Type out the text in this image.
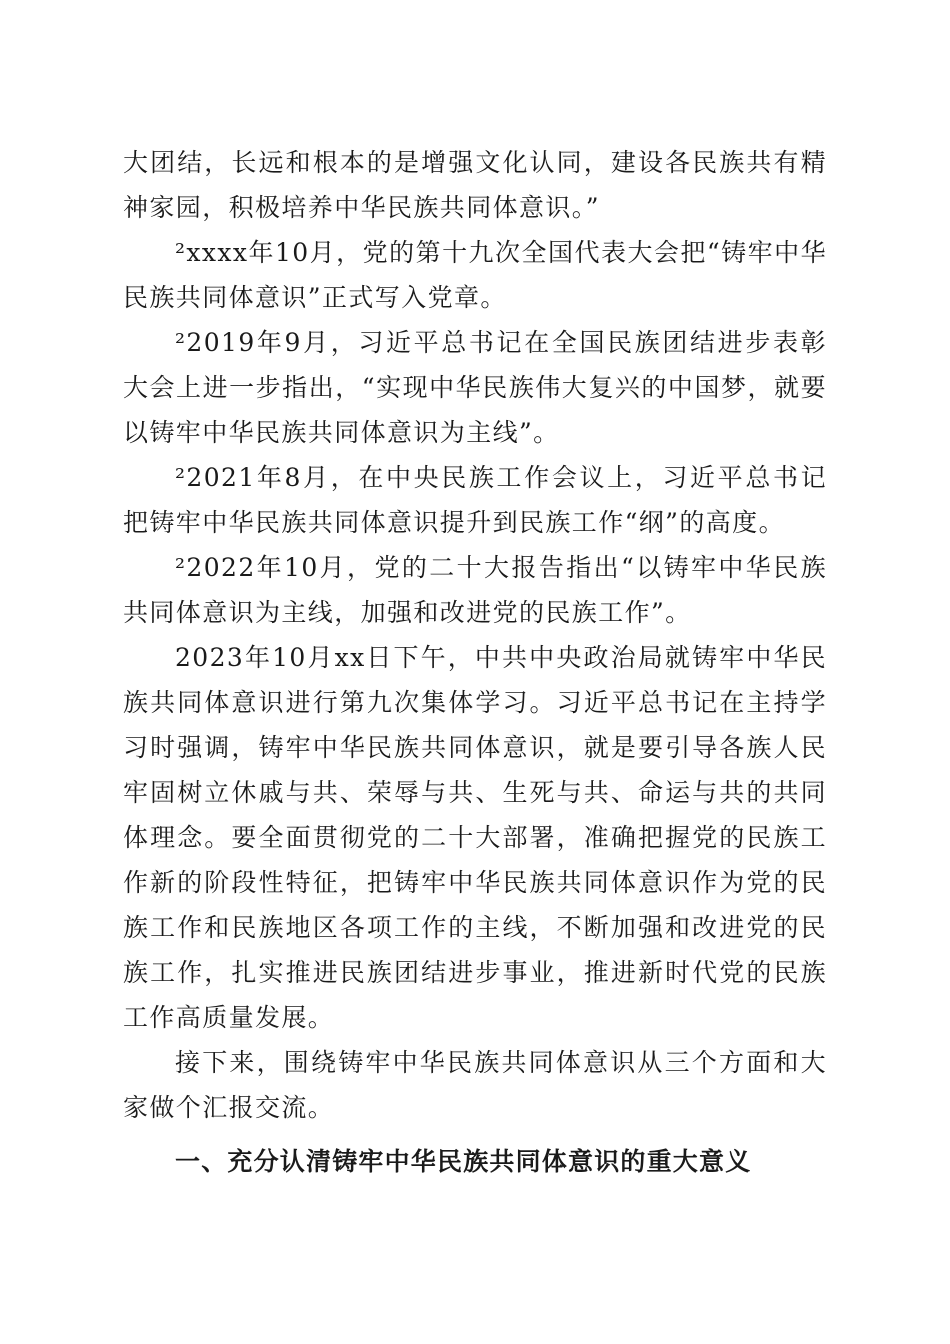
大团结，长远和根本的是增强文化认同，建设各民族共有精神家园，积极培养中华民族共同体意识。”

²xxxx年10月，党的第十九次全国代表大会把“铸牢中华民族共同体意识”正式写入党章。

²2019年9月，习近平总书记在全国民族团结进步表彰大会上进一步指出，“实现中华民族伟大复兴的中国梦，就要以铸牢中华民族共同体意识为主线”。

²2021年8月，在中央民族工作会议上，习近平总书记把铸牢中华民族共同体意识提升到民族工作“纲”的高度。

²2022年10月，党的二十大报告指出“以铸牢中华民族共同体意识为主线，加强和改进党的民族工作”。

2023年10月xx日下午，中共中央政治局就铸牢中华民族共同体意识进行第九次集体学习。习近平总书记在主持学习时强调，铸牢中华民族共同体意识，就是要引导各族人民牢固树立休戚与共、荣辱与共、生死与共、命运与共的共同体理念。要全面贯彻党的二十大部署，准确把握党的民族工作新的阶段性特征，把铸牢中华民族共同体意识作为党的民族工作和民族地区各项工作的主线，不断加强和改进党的民族工作，扎实推进民族团结进步事业，推进新时代党的民族工作高质量发展。

接下来，围绕铸牢中华民族共同体意识从三个方面和大家做个汇报交流。

一、充分认清铸牢中华民族共同体意识的重大意义
